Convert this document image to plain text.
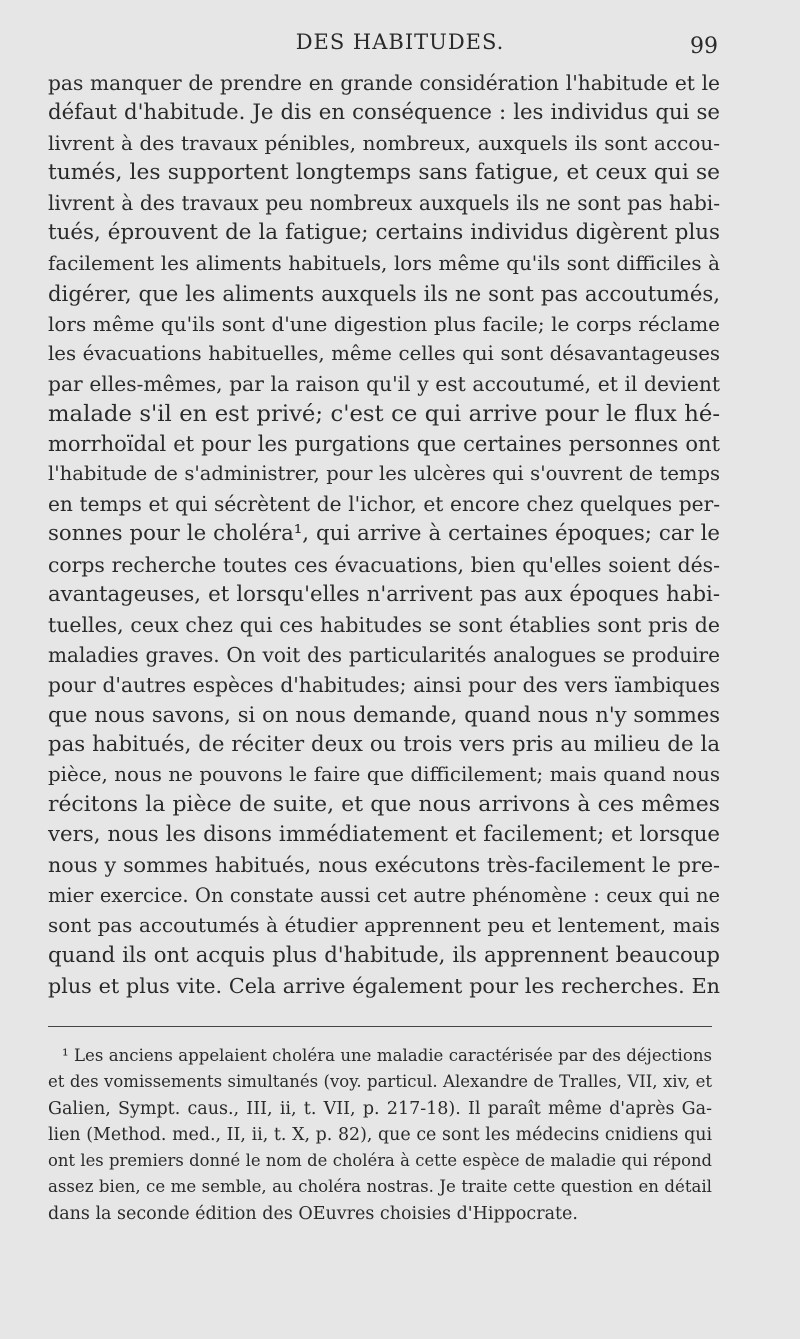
DES HABITUDES.	99
pas manquer de prendre en grande considération l'habitude et le
défaut d'habitude. Je dis en conséquence : les individus qui se
livrent à des travaux pénibles, nombreux, auxquels ils sont accou-
tumés, les supportent longtemps sans fatigue, et ceux qui se
livrent à des travaux peu nombreux auxquels ils ne sont pas habi-
tués, éprouvent de la fatigue; certains individus digèrent plus
facilement les aliments habituels, lors même qu'ils sont difficiles à
digérer, que les aliments auxquels ils ne sont pas accoutumés,
lors même qu'ils sont d'une digestion plus facile; le corps réclame
les évacuations habituelles, même celles qui sont désavantageuses
par elles-mêmes, par la raison qu'il y est accoutumé, et il devient
malade s'il en est privé; c'est ce qui arrive pour le flux hé-
morrhoïdal et pour les purgations que certaines personnes ont
l'habitude de s'administrer, pour les ulcères qui s'ouvrent de temps
en temps et qui sécrètent de l'ichor, et encore chez quelques per-
sonnes pour le choléra¹, qui arrive à certaines époques; car le
corps recherche toutes ces évacuations, bien qu'elles soient dés-
avantageuses, et lorsqu'elles n'arrivent pas aux époques habi-
tuelles, ceux chez qui ces habitudes se sont établies sont pris de
maladies graves. On voit des particularités analogues se produire
pour d'autres espèces d'habitudes; ainsi pour des vers ïambiques
que nous savons, si on nous demande, quand nous n'y sommes
pas habitués, de réciter deux ou trois vers pris au milieu de la
pièce, nous ne pouvons le faire que difficilement; mais quand nous
récitons la pièce de suite, et que nous arrivons à ces mêmes
vers, nous les disons immédiatement et facilement; et lorsque
nous y sommes habitués, nous exécutons très-facilement le pre-
mier exercice. On constate aussi cet autre phénomène : ceux qui ne
sont pas accoutumés à étudier apprennent peu et lentement, mais
quand ils ont acquis plus d'habitude, ils apprennent beaucoup
plus et plus vite. Cela arrive également pour les recherches. En
¹ Les anciens appelaient choléra une maladie caractérisée par des déjections
et des vomissements simultanés (voy. particul. Alexandre de Tralles, VII, xiv, et
Galien, Sympt. caus., III, ii, t. VII, p. 217-18). Il paraît même d'après Ga-
lien (Method. med., II, ii, t. X, p. 82), que ce sont les médecins cnidiens qui
ont les premiers donné le nom de choléra à cette espèce de maladie qui répond
assez bien, ce me semble, au choléra nostras. Je traite cette question en détail
dans la seconde édition des OEuvres choisies d'Hippocrate.
